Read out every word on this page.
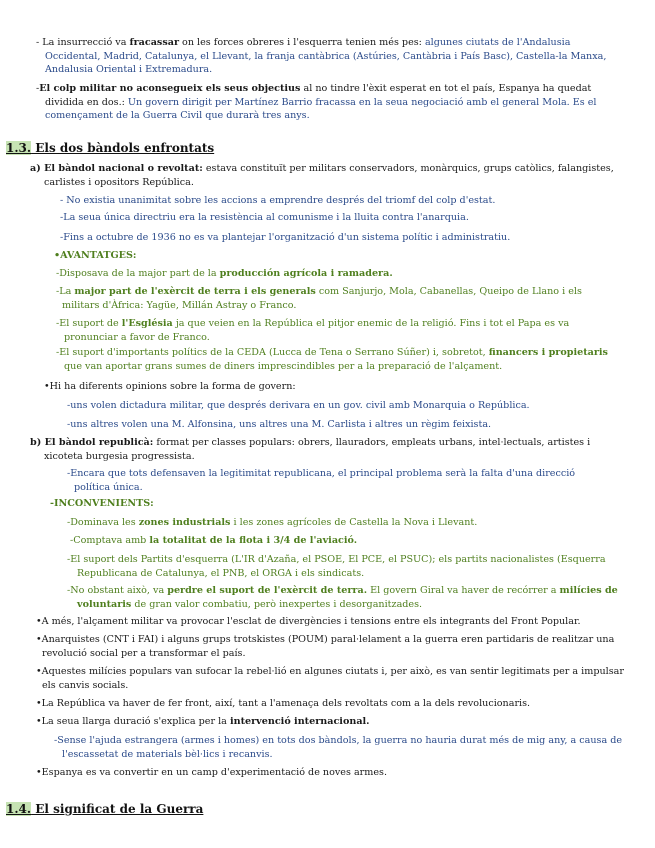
- La insurrecció va fracassar on les forces obreres i l'esquerra tenien més pes: algunes ciutats de l'Andalusia Occidental, Madrid, Catalunya, el Llevant, la franja cantàbrica (Astúries, Cantàbria i País Basc), Castella-la Manxa, Andalusia Oriental i Extremadura.
-El colp militar no aconsegueix els seus objectius al no tindre l'èxit esperat en tot el país, Espanya ha quedat dividida en dos.: Un govern dirigit per Martínez Barrio fracassa en la seua negociació amb el general Mola. Es el començament de la Guerra Civil que durarà tres anys.
1.3. Els dos bàndols enfrontats
a) El bàndol nacional o revoltat: estava constituït per militars conservadors, monàrquics, grups catòlics, falangistes, carlistes i opositors República.
- No existia unanimitat sobre les accions a emprendre després del triomf del colp d'estat.
-La seua única directriu era la resistència al comunisme i la lluita contra l'anarquia.
-Fins a octubre de 1936 no es va plantejar l'organització d'un sistema polític i administratiu.
•AVANTATGES:
-Disposava de la major part de la producción agrícola i ramadera.
-La major part de l'exèrcit de terra i els generals com Sanjurjo, Mola, Cabanellas, Queipo de Llano i els militars d'Àfrica: Yagüe, Millán Astray o Franco.
-El suport de l'Església ja que veien en la República el pitjor enemic de la religió. Fins i tot el Papa es va pronunciar a favor de Franco.
-El suport d'importants polítics de la CEDA (Lucca de Tena o Serrano Súñer) i, sobretot, financers i propietaris que van aportar grans sumes de diners imprescindibles per a la preparació de l'alçament.
•Hi ha diferents opinions sobre la forma de govern:
-uns volen dictadura militar, que després derivara en un gov. civil amb Monarquia o República.
-uns altres volen una M. Alfonsina, uns altres una M. Carlista i altres un règim feixista.
b) El bàndol republicà: format per classes populars: obrers, llauradors, empleats urbans, intel·lectuals, artistes i xicoteta burgesia progressista.
-Encara que tots defensaven la legitimitat republicana, el principal problema serà la falta d'una direcció política única.
-INCONVENIENTS:
-Dominava les zones industrials i les zones agrícoles de Castella la Nova i Llevant.
-Comptava amb la totalitat de la flota i 3/4 de l'aviació.
-El suport dels Partits d'esquerra (L'IR d'Azaña, el PSOE, El PCE, el PSUC); els partits nacionalistes (Esquerra Republicana de Catalunya, el PNB, el ORGA i els sindicats.
-No obstant això, va perdre el suport de l'exèrcit de terra. El govern Giral va haver de recórrer a milícies de voluntaris de gran valor combatiu, però inexpertes i desorganitzades.
•A més, l'alçament militar va provocar l'esclat de divergències i tensions entre els integrants del Front Popular.
•Anarquistes (CNT i FAI) i alguns grups trotskistes (POUM) paral·lelament a la guerra eren partidaris de realitzar una revolució social per a transformar el país.
•Aquestes milícies populars van sufocar la rebel·lió en algunes ciutats i, per això, es van sentir legitimats per a impulsar els canvis socials.
•La República va haver de fer front, així, tant a l'amenaça dels revoltats com a la dels revolucionaris.
•La seua llarga duració s'explica per la intervenció internacional.
-Sense l'ajuda estrangera (armes i homes) en tots dos bàndols, la guerra no hauria durat més de mig any, a causa de l'escassetat de materials bèl·lics i recanvis.
•Espanya es va convertir en un camp d'experimentació de noves armes.
1.4. El significat de la Guerra
